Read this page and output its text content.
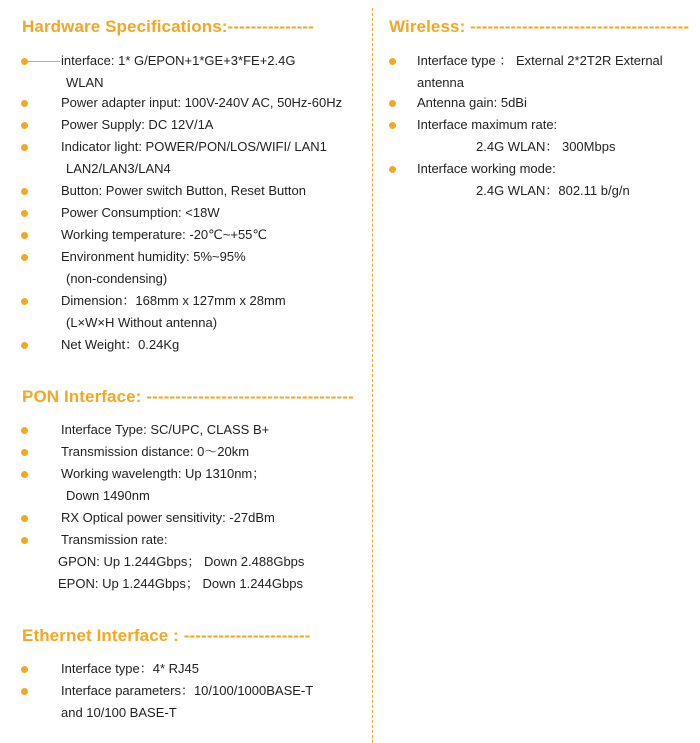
Hardware Specifications:---------------
interface: 1* G/EPON+1*GE+3*FE+2.4G
WLAN
Power adapter input: 100V-240V AC, 50Hz-60Hz
Power Supply: DC 12V/1A
Indicator light: POWER/PON/LOS/WIFI/ LAN1
LAN2/LAN3/LAN4
Button: Power switch Button, Reset Button
Power Consumption: <18W
Working temperature: -20℃~+55℃
Environment humidity: 5%~95%
(non-condensing)
Dimension：168mm x 127mm x 28mm
(L×W×H Without antenna)
Net Weight：0.24Kg
PON Interface: ------------------------------------
Interface Type: SC/UPC, CLASS B+
Transmission distance: 0～20km
Working wavelength: Up 1310nm；
Down 1490nm
RX Optical power sensitivity: -27dBm
Transmission rate:
GPON: Up 1.244Gbps； Down 2.488Gbps
EPON: Up 1.244Gbps； Down 1.244Gbps
Ethernet Interface : ----------------------
Interface type：4* RJ45
Interface parameters：10/100/1000BASE-T
and 10/100 BASE-T
Wireless: --------------------------------------
Interface type ： External 2*2T2R External
antenna
Antenna gain: 5dBi
Interface maximum rate:
2.4G WLAN： 300Mbps
Interface working mode:
2.4G WLAN：802.11 b/g/n
